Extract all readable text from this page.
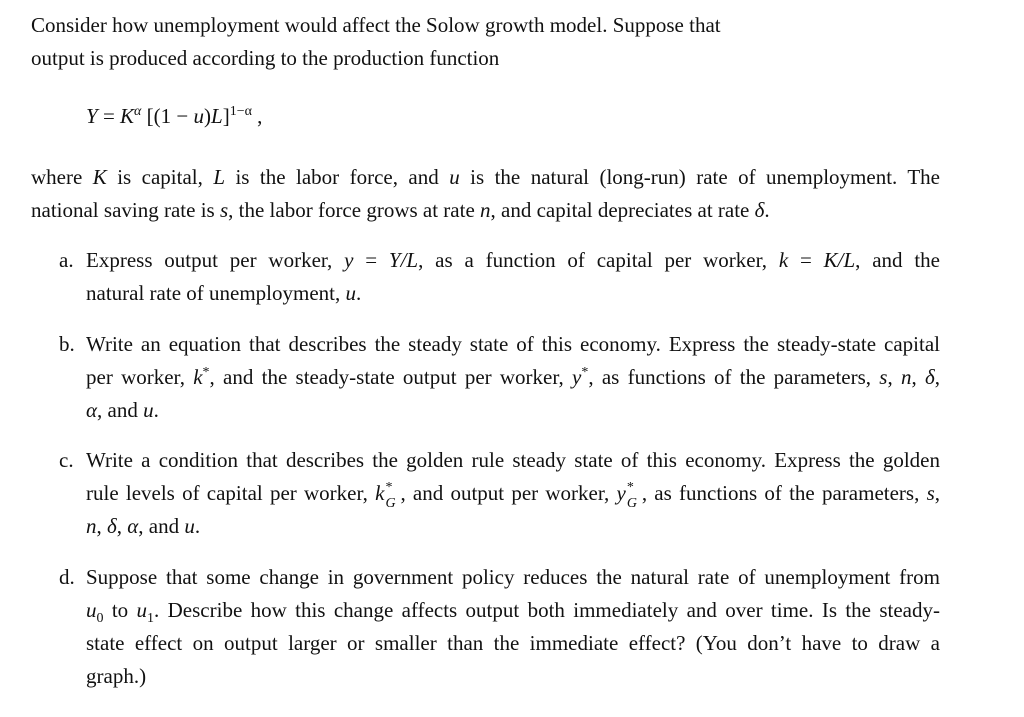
Consider how unemployment would affect the Solow growth model. Suppose that
output is produced according to the production function
$Y = K^\alpha$ $[(1 - u)L]^{1-\alpha}$ ,
where K is capital, L is the labor force, and u is the natural (long-run) rate of unemployment. The
national saving rate is s, the labor force grows at rate n, and capital depreciates at rate δ.
a. Express output per worker, y = Y/L, as a function of capital per worker, k = K/L, and the
natural rate of unemployment, u.
b. Write an equation that describes the steady state of this economy. Express the steady-state capital
per worker, k*, and the steady-state output per worker, y*, as functions of the parameters, s, n, δ,
α, and u.
c. Write a condition that describes the golden rule steady state of this economy. Express the golden
rule levels of capital per worker, k *
G , and output per worker, y *
G , as functions of the parameters, s,
n, δ, α, and u.
d. Suppose that some change in government policy reduces the natural rate of unemployment from
$u_0$ to $u_1$. Describe how this change affects output both immediately and over time. Is the steady-
state effect on output larger or smaller than the immediate effect? (You don’t have to draw a
graph.)
